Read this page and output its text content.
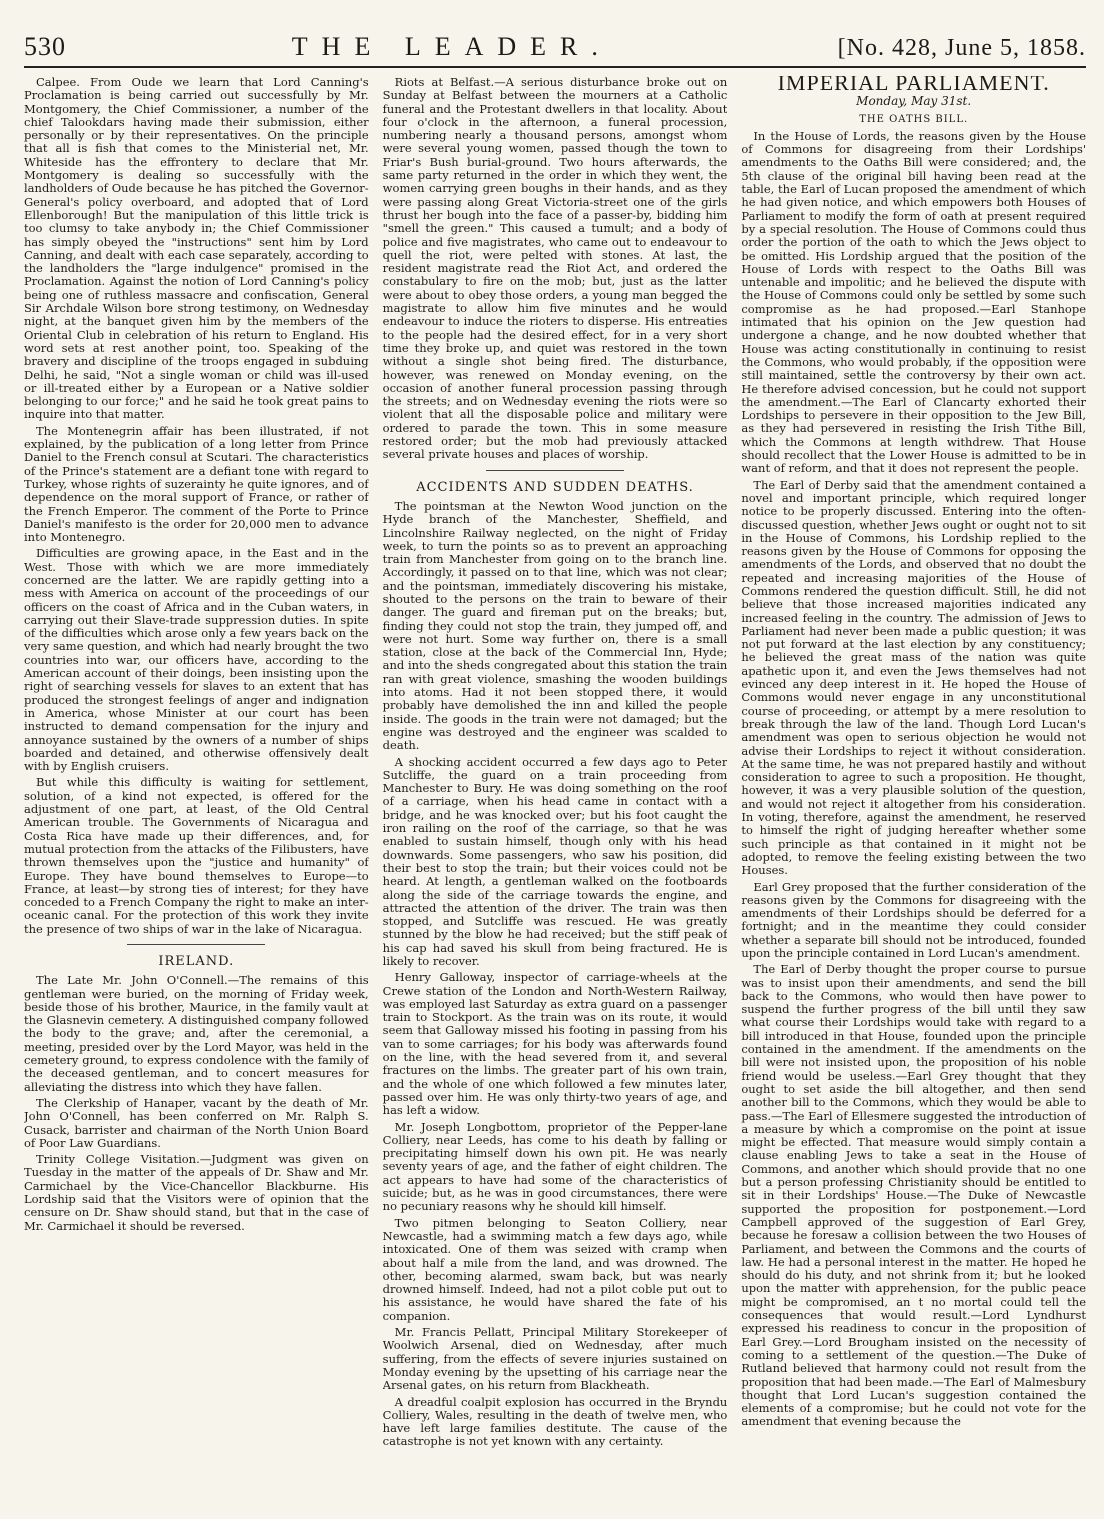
530	THE LEADER.	[No. 428, June 5, 1858.

Calpee. From Oude we learn that Lord Canning's Proclamation is being carried out successfully by Mr. Montgomery, the Chief Commissioner, a number of the chief Talookdars having made their submission, either personally or by their representatives. On the principle that all is fish that comes to the Ministerial net, Mr. Whiteside has the effrontery to declare that Mr. Montgomery is dealing so successfully with the landholders of Oude because he has pitched the Governor-General's policy overboard, and adopted that of Lord Ellenborough! But the manipulation of this little trick is too clumsy to take anybody in; the Chief Commissioner has simply obeyed the "instructions" sent him by Lord Canning, and dealt with each case separately, according to the landholders the "large indulgence" promised in the Proclamation. Against the notion of Lord Canning's policy being one of ruthless massacre and confiscation, General Sir Archdale Wilson bore strong testimony, on Wednesday night, at the banquet given him by the members of the Oriental Club in celebration of his return to England. His word sets at rest another point, too. Speaking of the bravery and discipline of the troops engaged in subduing Delhi, he said, "Not a single woman or child was ill-used or ill-treated either by a European or a Native soldier belonging to our force;" and he said he took great pains to inquire into that matter.

The Montenegrin affair has been illustrated, if not explained, by the publication of a long letter from Prince Daniel to the French consul at Scutari. The characteristics of the Prince's statement are a defiant tone with regard to Turkey, whose rights of suzerainty he quite ignores, and of dependence on the moral support of France, or rather of the French Emperor. The comment of the Porte to Prince Daniel's manifesto is the order for 20,000 men to advance into Montenegro.

Difficulties are growing apace, in the East and in the West. Those with which we are more immediately concerned are the latter. We are rapidly getting into a mess with America on account of the proceedings of our officers on the coast of Africa and in the Cuban waters, in carrying out their Slave-trade suppression duties. In spite of the difficulties which arose only a few years back on the very same question, and which had nearly brought the two countries into war, our officers have, according to the American account of their doings, been insisting upon the right of searching vessels for slaves to an extent that has produced the strongest feelings of anger and indignation in America, whose Minister at our court has been instructed to demand compensation for the injury and annoyance sustained by the owners of a number of ships boarded and detained, and otherwise offensively dealt with by English cruisers.

But while this difficulty is waiting for settlement, solution, of a kind not expected, is offered for the adjustment of one part, at least, of the Old Central American trouble. The Governments of Nicaragua and Costa Rica have made up their differences, and, for mutual protection from the attacks of the Filibusters, have thrown themselves upon the "justice and humanity" of Europe. They have bound themselves to Europe—to France, at least—by strong ties of interest; for they have conceded to a French Company the right to make an inter-oceanic canal. For the protection of this work they invite the presence of two ships of war in the lake of Nicaragua.

IRELAND.

The Late Mr. John O'Connell.—The remains of this gentleman were buried, on the morning of Friday week, beside those of his brother, Maurice, in the family vault at the Glasnevin cemetery. A distinguished company followed the body to the grave; and, after the ceremonial, a meeting, presided over by the Lord Mayor, was held in the cemetery ground, to express condolence with the family of the deceased gentleman, and to concert measures for alleviating the distress into which they have fallen.

The Clerkship of Hanaper, vacant by the death of Mr. John O'Connell, has been conferred on Mr. Ralph S. Cusack, barrister and chairman of the North Union Board of Poor Law Guardians.

Trinity College Visitation.—Judgment was given on Tuesday in the matter of the appeals of Dr. Shaw and Mr. Carmichael by the Vice-Chancellor Blackburne. His Lordship said that the Visitors were of opinion that the censure on Dr. Shaw should stand, but that in the case of Mr. Carmichael it should be reversed.

Riots at Belfast.—A serious disturbance broke out on Sunday at Belfast between the mourners at a Catholic funeral and the Protestant dwellers in that locality. About four o'clock in the afternoon, a funeral procession, numbering nearly a thousand persons, amongst whom were several young women, passed though the town to Friar's Bush burial-ground. Two hours afterwards, the same party returned in the order in which they went, the women carrying green boughs in their hands, and as they were passing along Great Victoria-street one of the girls thrust her bough into the face of a passer-by, bidding him "smell the green." This caused a tumult; and a body of police and five magistrates, who came out to endeavour to quell the riot, were pelted with stones. At last, the resident magistrate read the Riot Act, and ordered the constabulary to fire on the mob; but, just as the latter were about to obey those orders, a young man begged the magistrate to allow him five minutes and he would endeavour to induce the rioters to disperse. His entreaties to the people had the desired effect, for in a very short time they broke up, and quiet was restored in the town without a single shot being fired. The disturbance, however, was renewed on Monday evening, on the occasion of another funeral procession passing through the streets; and on Wednesday evening the riots were so violent that all the disposable police and military were ordered to parade the town. This in some measure restored order; but the mob had previously attacked several private houses and places of worship.

ACCIDENTS AND SUDDEN DEATHS.

The pointsman at the Newton Wood junction on the Hyde branch of the Manchester, Sheffield, and Lincolnshire Railway neglected, on the night of Friday week, to turn the points so as to prevent an approaching train from Manchester from going on to the branch line. Accordingly, it passed on to that line, which was not clear; and the pointsman, immediately discovering his mistake, shouted to the persons on the train to beware of their danger. The guard and fireman put on the breaks; but, finding they could not stop the train, they jumped off, and were not hurt. Some way further on, there is a small station, close at the back of the Commercial Inn, Hyde; and into the sheds congregated about this station the train ran with great violence, smashing the wooden buildings into atoms. Had it not been stopped there, it would probably have demolished the inn and killed the people inside. The goods in the train were not damaged; but the engine was destroyed and the engineer was scalded to death.

A shocking accident occurred a few days ago to Peter Sutcliffe, the guard on a train proceeding from Manchester to Bury. He was doing something on the roof of a carriage, when his head came in contact with a bridge, and he was knocked over; but his foot caught the iron railing on the roof of the carriage, so that he was enabled to sustain himself, though only with his head downwards. Some passengers, who saw his position, did their best to stop the train; but their voices could not be heard. At length, a gentleman walked on the footboards along the side of the carriage towards the engine, and attracted the attention of the driver. The train was then stopped, and Sutcliffe was rescued. He was greatly stunned by the blow he had received; but the stiff peak of his cap had saved his skull from being fractured. He is likely to recover.

Henry Galloway, inspector of carriage-wheels at the Crewe station of the London and North-Western Railway, was employed last Saturday as extra guard on a passenger train to Stockport. As the train was on its route, it would seem that Galloway missed his footing in passing from his van to some carriages; for his body was afterwards found on the line, with the head severed from it, and several fractures on the limbs. The greater part of his own train, and the whole of one which followed a few minutes later, passed over him. He was only thirty-two years of age, and has left a widow.

Mr. Joseph Longbottom, proprietor of the Pepper-lane Colliery, near Leeds, has come to his death by falling or precipitating himself down his own pit. He was nearly seventy years of age, and the father of eight children. The act appears to have had some of the characteristics of suicide; but, as he was in good circumstances, there were no pecuniary reasons why he should kill himself.

Two pitmen belonging to Seaton Colliery, near Newcastle, had a swimming match a few days ago, while intoxicated. One of them was seized with cramp when about half a mile from the land, and was drowned. The other, becoming alarmed, swam back, but was nearly drowned himself. Indeed, had not a pilot coble put out to his assistance, he would have shared the fate of his companion.

Mr. Francis Pellatt, Principal Military Storekeeper of Woolwich Arsenal, died on Wednesday, after much suffering, from the effects of severe injuries sustained on Monday evening by the upsetting of his carriage near the Arsenal gates, on his return from Blackheath.

A dreadful coalpit explosion has occurred in the Bryndu Colliery, Wales, resulting in the death of twelve men, who have left large families destitute. The cause of the catastrophe is not yet known with any certainty.

IMPERIAL PARLIAMENT.
Monday, May 31st.
THE OATHS BILL.

In the House of Lords, the reasons given by the House of Commons for disagreeing from their Lordships' amendments to the Oaths Bill were considered; and, the 5th clause of the original bill having been read at the table, the Earl of Lucan proposed the amendment of which he had given notice, and which empowers both Houses of Parliament to modify the form of oath at present required by a special resolution. The House of Commons could thus order the portion of the oath to which the Jews object to be omitted. His Lordship argued that the position of the House of Lords with respect to the Oaths Bill was untenable and impolitic; and he believed the dispute with the House of Commons could only be settled by some such compromise as he had proposed.—Earl Stanhope intimated that his opinion on the Jew question had undergone a change, and he now doubted whether that House was acting constitutionally in continuing to resist the Commons, who would probably, if the opposition were still maintained, settle the controversy by their own act. He therefore advised concession, but he could not support the amendment.—The Earl of Clancarty exhorted their Lordships to persevere in their opposition to the Jew Bill, as they had persevered in resisting the Irish Tithe Bill, which the Commons at length withdrew. That House should recollect that the Lower House is admitted to be in want of reform, and that it does not represent the people.

The Earl of Derby said that the amendment contained a novel and important principle, which required longer notice to be properly discussed. Entering into the often-discussed question, whether Jews ought or ought not to sit in the House of Commons, his Lordship replied to the reasons given by the House of Commons for opposing the amendments of the Lords, and observed that no doubt the repeated and increasing majorities of the House of Commons rendered the question difficult. Still, he did not believe that those increased majorities indicated any increased feeling in the country. The admission of Jews to Parliament had never been made a public question; it was not put forward at the last election by any constituency; he believed the great mass of the nation was quite apathetic upon it, and even the Jews themselves had not evinced any deep interest in it. He hoped the House of Commons would never engage in any unconstitutional course of proceeding, or attempt by a mere resolution to break through the law of the land. Though Lord Lucan's amendment was open to serious objection he would not advise their Lordships to reject it without consideration. At the same time, he was not prepared hastily and without consideration to agree to such a proposition. He thought, however, it was a very plausible solution of the question, and would not reject it altogether from his consideration. In voting, therefore, against the amendment, he reserved to himself the right of judging hereafter whether some such principle as that contained in it might not be adopted, to remove the feeling existing between the two Houses.

Earl Grey proposed that the further consideration of the reasons given by the Commons for disagreeing with the amendments of their Lordships should be deferred for a fortnight; and in the meantime they could consider whether a separate bill should not be introduced, founded upon the principle contained in Lord Lucan's amendment.

The Earl of Derby thought the proper course to pursue was to insist upon their amendments, and send the bill back to the Commons, who would then have power to suspend the further progress of the bill until they saw what course their Lordships would take with regard to a bill introduced in that House, founded upon the principle contained in the amendment. If the amendments on the bill were not insisted upon, the proposition of his noble friend would be useless.—Earl Grey thought that they ought to set aside the bill altogether, and then send another bill to the Commons, which they would be able to pass.—The Earl of Ellesmere suggested the introduction of a measure by which a compromise on the point at issue might be effected. That measure would simply contain a clause enabling Jews to take a seat in the House of Commons, and another which should provide that no one but a person professing Christianity should be entitled to sit in their Lordships' House.—The Duke of Newcastle supported the proposition for postponement.—Lord Campbell approved of the suggestion of Earl Grey, because he foresaw a collision between the two Houses of Parliament, and between the Commons and the courts of law. He had a personal interest in the matter. He hoped he should do his duty, and not shrink from it; but he looked upon the matter with apprehension, for the public peace might be compromised, an t no mortal could tell the consequences that would result.—Lord Lyndhurst expressed his readiness to concur in the proposition of Earl Grey.—Lord Brougham insisted on the necessity of coming to a settlement of the question.—The Duke of Rutland believed that harmony could not result from the proposition that had been made.—The Earl of Malmesbury thought that Lord Lucan's suggestion contained the elements of a compromise; but he could not vote for the amendment that evening because the
